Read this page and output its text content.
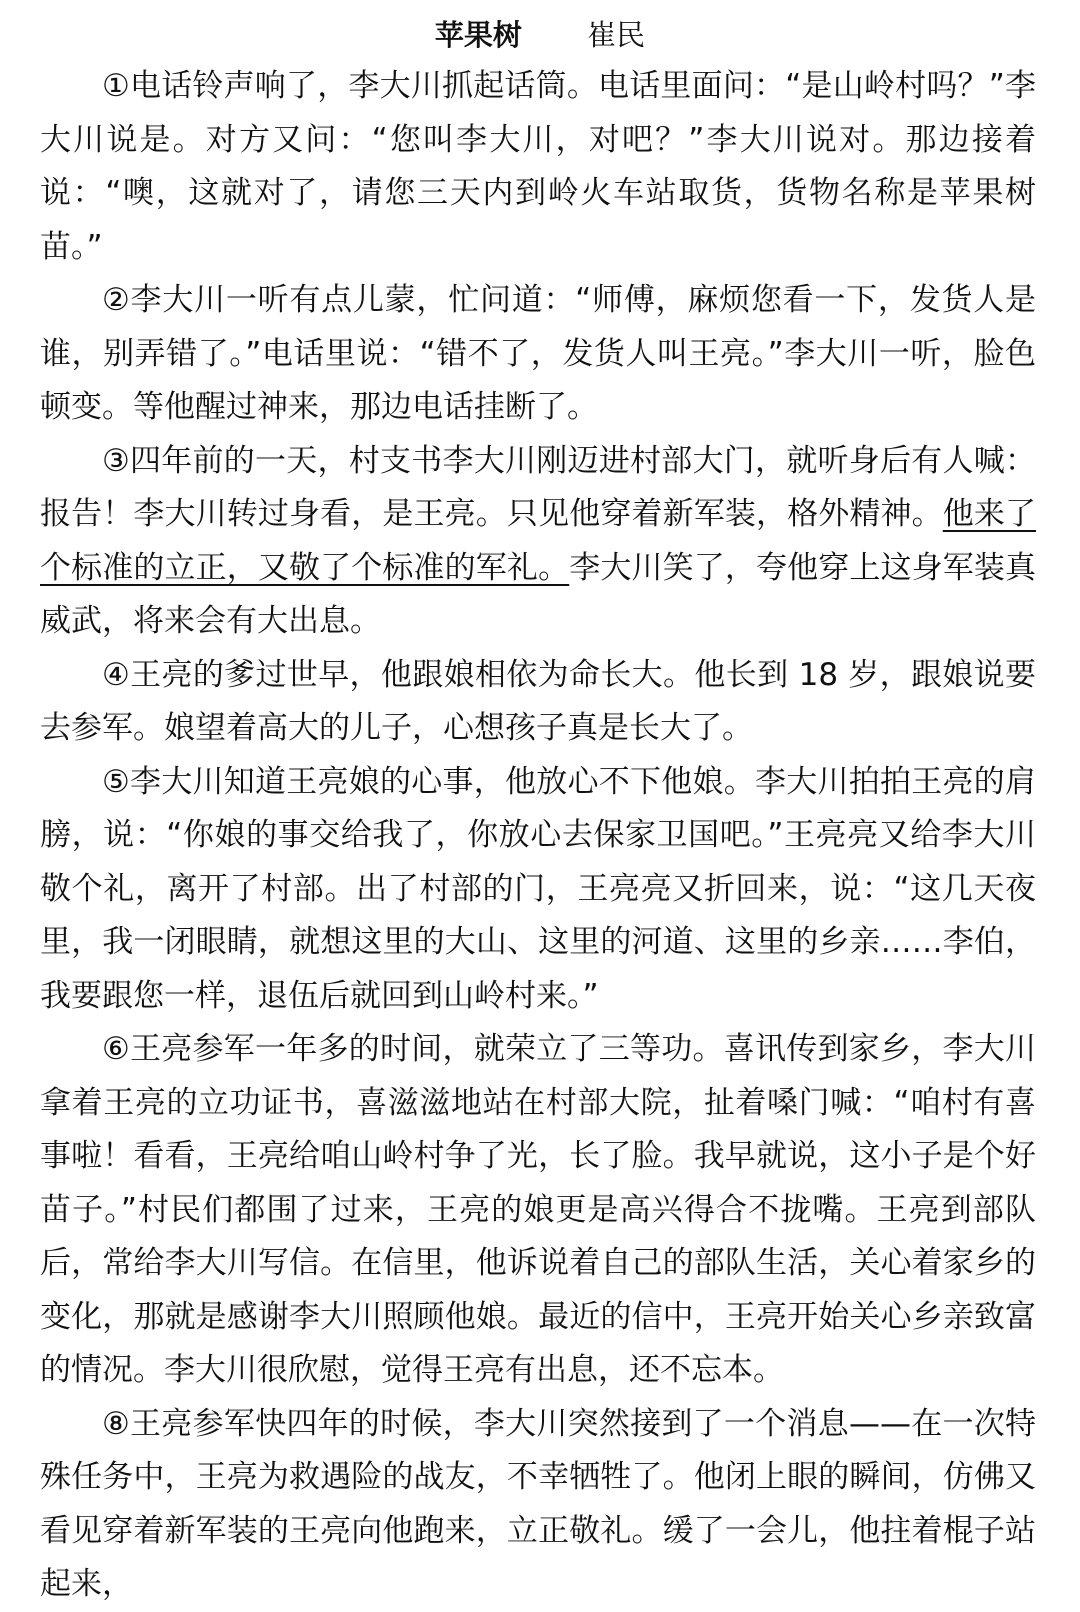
苹果树 崔民

①电话铃声响了，李大川抓起话筒。电话里面问：“是山岭村吗？”李大川说是。对方又问：“您叫李大川，对吧？”李大川说对。那边接着说：“噢，这就对了，请您三天内到岭火车站取货，货物名称是苹果树苗。”

②李大川一听有点儿蒙，忙问道：“师傅，麻烦您看一下，发货人是谁，别弄错了。”电话里说：“错不了，发货人叫王亮。”李大川一听，脸色顿变。等他醒过神来，那边电话挂断了。

③四年前的一天，村支书李大川刚迈进村部大门，就听身后有人喊：报告！李大川转过身看，是王亮。只见他穿着新军装，格外精神。他来了个标准的立正，又敬了个标准的军礼。李大川笑了，夸他穿上这身军装真威武，将来会有大出息。

④王亮的爹过世早，他跟娘相依为命长大。他长到 18 岁，跟娘说要去参军。娘望着高大的儿子，心想孩子真是长大了。

⑤李大川知道王亮娘的心事，他放心不下他娘。李大川拍拍王亮的肩膀，说：“你娘的事交给我了，你放心去保家卫国吧。”王亮亮又给李大川敬个礼，离开了村部。出了村部的门，王亮亮又折回来，说：“这几天夜里，我一闭眼睛，就想这里的大山、这里的河道、这里的乡亲……李伯，我要跟您一样，退伍后就回到山岭村来。”

⑥王亮参军一年多的时间，就荣立了三等功。喜讯传到家乡，李大川拿着王亮的立功证书，喜滋滋地站在村部大院，扯着嗓门喊：“咱村有喜事啦！看看，王亮给咱山岭村争了光，长了脸。我早就说，这小子是个好苗子。”村民们都围了过来，王亮的娘更是高兴得合不拢嘴。王亮到部队后，常给李大川写信。在信里，他诉说着自己的部队生活，关心着家乡的变化，那就是感谢李大川照顾他娘。最近的信中，王亮开始关心乡亲致富的情况。李大川很欣慰，觉得王亮有出息，还不忘本。

⑧王亮参军快四年的时候，李大川突然接到了一个消息——在一次特殊任务中，王亮为救遇险的战友，不幸牺牲了。他闭上眼的瞬间，仿佛又看见穿着新军装的王亮向他跑来，立正敬礼。缓了一会儿，他拄着棍子站起来，
